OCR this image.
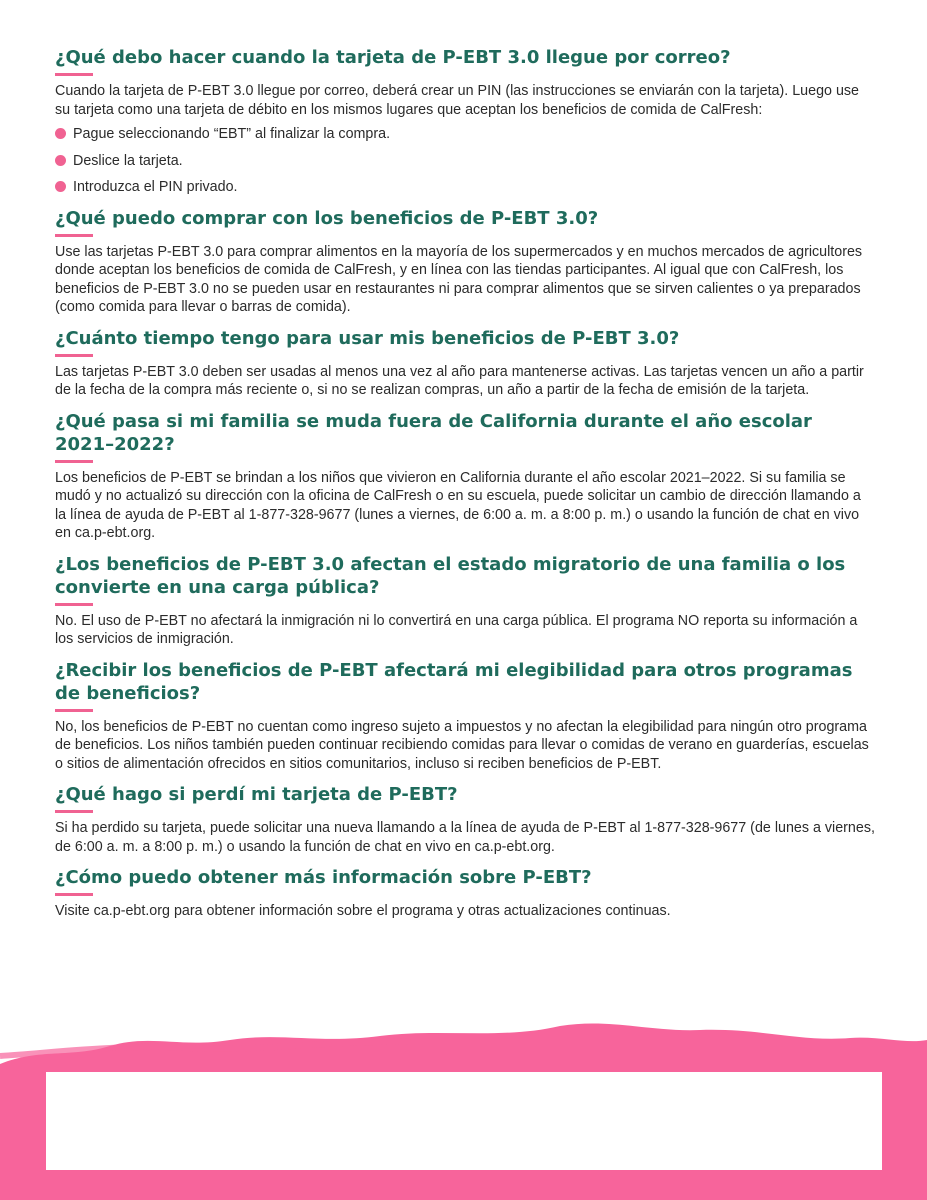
¿Qué debo hacer cuando la tarjeta de P-EBT 3.0 llegue por correo?

Cuando la tarjeta de P-EBT 3.0 llegue por correo, deberá crear un PIN (las instrucciones se enviarán con la tarjeta). Luego use su tarjeta como una tarjeta de débito en los mismos lugares que aceptan los beneficios de comida de CalFresh:

Pague seleccionando “EBT” al finalizar la compra.
Deslice la tarjeta.
Introduzca el PIN privado.
¿Qué puedo comprar con los beneficios de P-EBT 3.0?

Use las tarjetas P-EBT 3.0 para comprar alimentos en la mayoría de los supermercados y en muchos mercados de agricultores donde aceptan los beneficios de comida de CalFresh, y en línea con las tiendas participantes. Al igual que con CalFresh, los beneficios de P-EBT 3.0 no se pueden usar en restaurantes ni para comprar alimentos que se sirven calientes o ya preparados (como comida para llevar o barras de comida).

¿Cuánto tiempo tengo para usar mis beneficios de P-EBT 3.0?

Las tarjetas P-EBT 3.0 deben ser usadas al menos una vez al año para mantenerse activas. Las tarjetas vencen un año a partir de la fecha de la compra más reciente o, si no se realizan compras, un año a partir de la fecha de emisión de la tarjeta.

¿Qué pasa si mi familia se muda fuera de California durante el año escolar 2021–2022?

Los beneficios de P-EBT se brindan a los niños que vivieron en California durante el año escolar 2021–2022. Si su familia se mudó y no actualizó su dirección con la oficina de CalFresh o en su escuela, puede solicitar un cambio de dirección llamando a la línea de ayuda de P-EBT al 1-877-328-9677 (lunes a viernes, de 6:00 a. m. a 8:00 p. m.) o usando la función de chat en vivo en ca.p-ebt.org.

¿Los beneficios de P-EBT 3.0 afectan el estado migratorio de una familia o los convierte en una carga pública?

No. El uso de P-EBT no afectará la inmigración ni lo convertirá en una carga pública. El programa NO reporta su información a los servicios de inmigración.

¿Recibir los beneficios de P-EBT afectará mi elegibilidad para otros programas de beneficios?

No, los beneficios de P-EBT no cuentan como ingreso sujeto a impuestos y no afectan la elegibilidad para ningún otro programa de beneficios. Los niños también pueden continuar recibiendo comidas para llevar o comidas de verano en guarderías, escuelas o sitios de alimentación ofrecidos en sitios comunitarios, incluso si reciben beneficios de P-EBT.

¿Qué hago si perdí mi tarjeta de P-EBT?

Si ha perdido su tarjeta, puede solicitar una nueva llamando a la línea de ayuda de P-EBT al 1-877-328-9677 (de lunes a viernes, de 6:00 a. m. a 8:00 p. m.) o usando la función de chat en vivo en ca.p-ebt.org.

¿Cómo puedo obtener más información sobre P-EBT?

Visite ca.p-ebt.org para obtener información sobre el programa y otras actualizaciones continuas.
